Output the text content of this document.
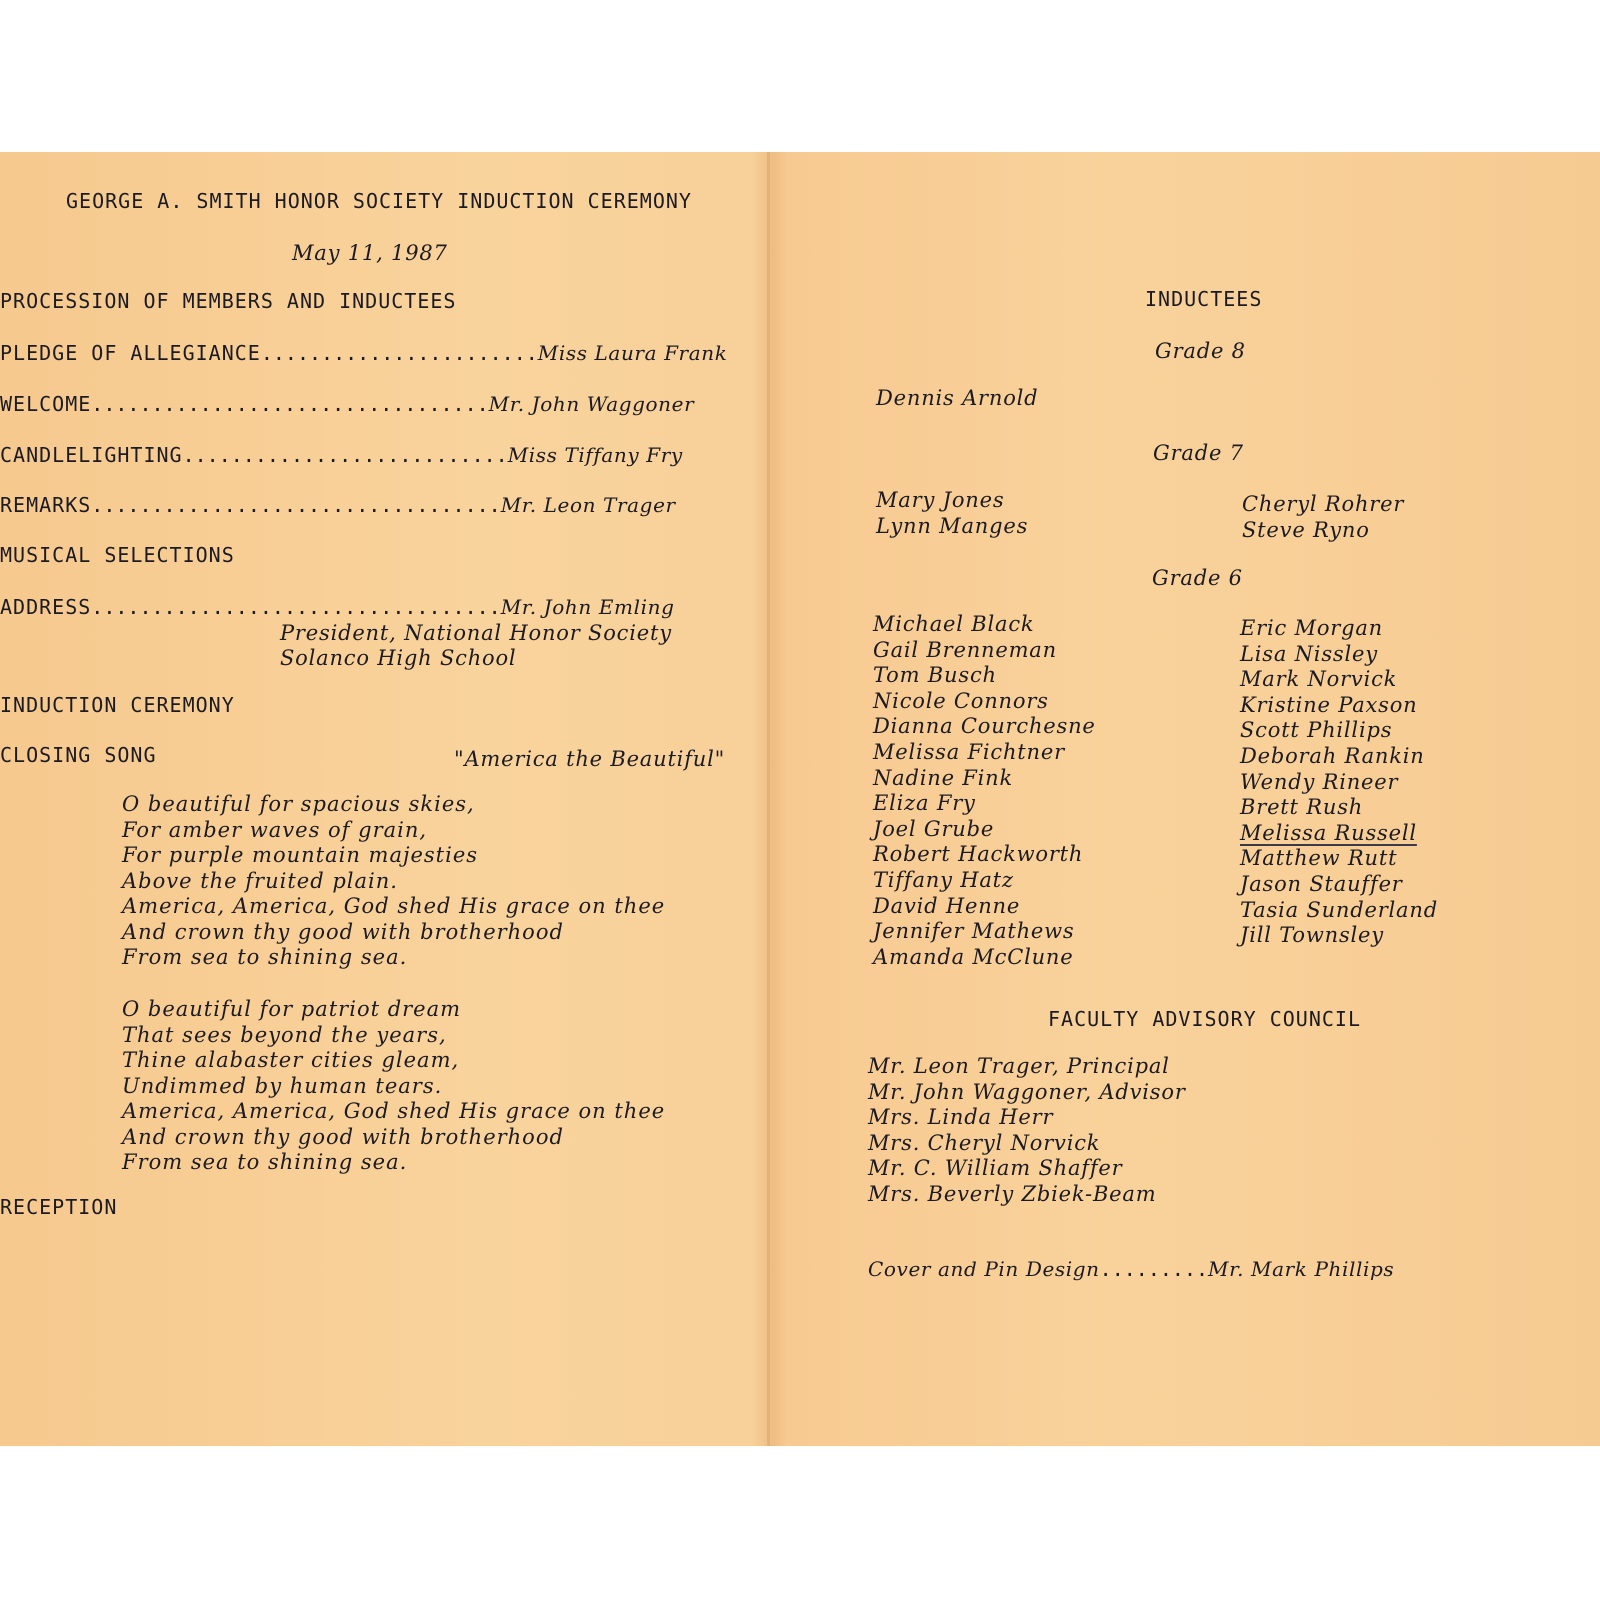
GEORGE A. SMITH HONOR SOCIETY INDUCTION CEREMONY
May 11, 1987
PROCESSION OF MEMBERS AND INDUCTEES
PLEDGE OF ALLEGIANCE.......................Miss Laura Frank
WELCOME.................................Mr. John Waggoner
CANDLELIGHTING...........................Miss Tiffany Fry
REMARKS..................................Mr. Leon Trager
MUSICAL SELECTIONS
ADDRESS..................................Mr. John Emling
President, National Honor Society
Solanco High School
INDUCTION CEREMONY
CLOSING SONG	"America the Beautiful"
O beautiful for spacious skies,
For amber waves of grain,
For purple mountain majesties
Above the fruited plain.
America, America, God shed His grace on thee
And crown thy good with brotherhood
From sea to shining sea.
O beautiful for patriot dream
That sees beyond the years,
Thine alabaster cities gleam,
Undimmed by human tears.
America, America, God shed His grace on thee
And crown thy good with brotherhood
From sea to shining sea.
RECEPTION
INDUCTEES
Grade 8
Dennis Arnold
Grade 7
Mary Jones
Lynn Manges
Cheryl Rohrer
Steve Ryno
Grade 6
Michael Black
Gail Brenneman
Tom Busch
Nicole Connors
Dianna Courchesne
Melissa Fichtner
Nadine Fink
Eliza Fry
Joel Grube
Robert Hackworth
Tiffany Hatz
David Henne
Jennifer Mathews
Amanda McClune
Eric Morgan
Lisa Nissley
Mark Norvick
Kristine Paxson
Scott Phillips
Deborah Rankin
Wendy Rineer
Brett Rush
Melissa Russell
Matthew Rutt
Jason Stauffer
Tasia Sunderland
Jill Townsley
FACULTY ADVISORY COUNCIL
Mr. Leon Trager, Principal
Mr. John Waggoner, Advisor
Mrs. Linda Herr
Mrs. Cheryl Norvick
Mr. C. William Shaffer
Mrs. Beverly Zbiek-Beam
Cover and Pin Design.........Mr. Mark Phillips
